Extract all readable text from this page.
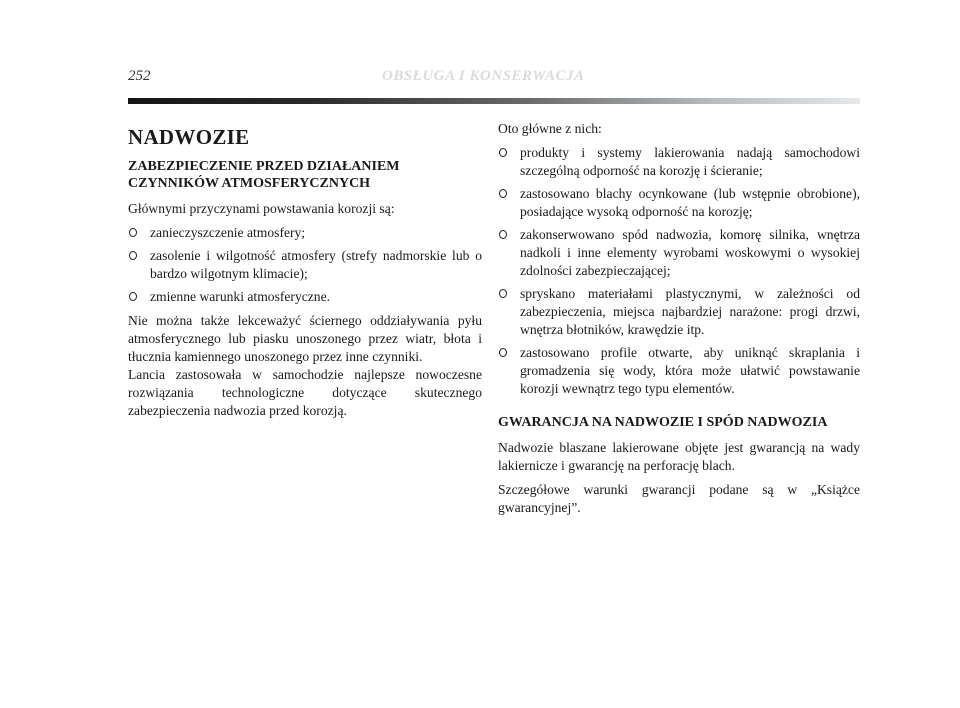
252	OBSŁUGA I KONSERWACJA
NADWOZIE
ZABEZPIECZENIE PRZED DZIAŁANIEM CZYNNIKÓW ATMOSFERYCZNYCH

Głównymi przyczynami powstawania korozji są:

zanieczyszczenie atmosfery;
zasolenie i wilgotność atmosfery (strefy nadmorskie lub o bardzo wilgotnym klimacie);
zmienne warunki atmosferyczne.

Nie można także lekceważyć ściernego oddziaływania pyłu atmosferycznego lub piasku unoszonego przez wiatr, błota i tłucznia kamiennego unoszonego przez inne czynniki.

Lancia zastosowała w samochodzie najlepsze nowoczesne rozwiązania technologiczne dotyczące skutecznego zabezpieczenia nadwozia przed korozją.

Oto główne z nich:

produkty i systemy lakierowania nadają samochodowi szczególną odporność na korozję i ścieranie;
zastosowano blachy ocynkowane (lub wstępnie obrobione), posiadające wysoką odporność na korozję;
zakonserwowano spód nadwozia, komorę silnika, wnętrza nadkoli i inne elementy wyrobami woskowymi o wysokiej zdolności zabezpieczającej;
spryskano materiałami plastycznymi, w zależności od zabezpieczenia, miejsca najbardziej narażone: progi drzwi, wnętrza błotników, krawędzie itp.
zastosowano profile otwarte, aby uniknąć skraplania i gromadzenia się wody, która może ułatwić powstawanie korozji wewnątrz tego typu elementów.
GWARANCJA NA NADWOZIE I SPÓD NADWOZIA

Nadwozie blaszane lakierowane objęte jest gwarancją na wady lakiernicze i gwarancję na perforację blach.

Szczegółowe warunki gwarancji podane są w „Książce gwarancyjnej”.
